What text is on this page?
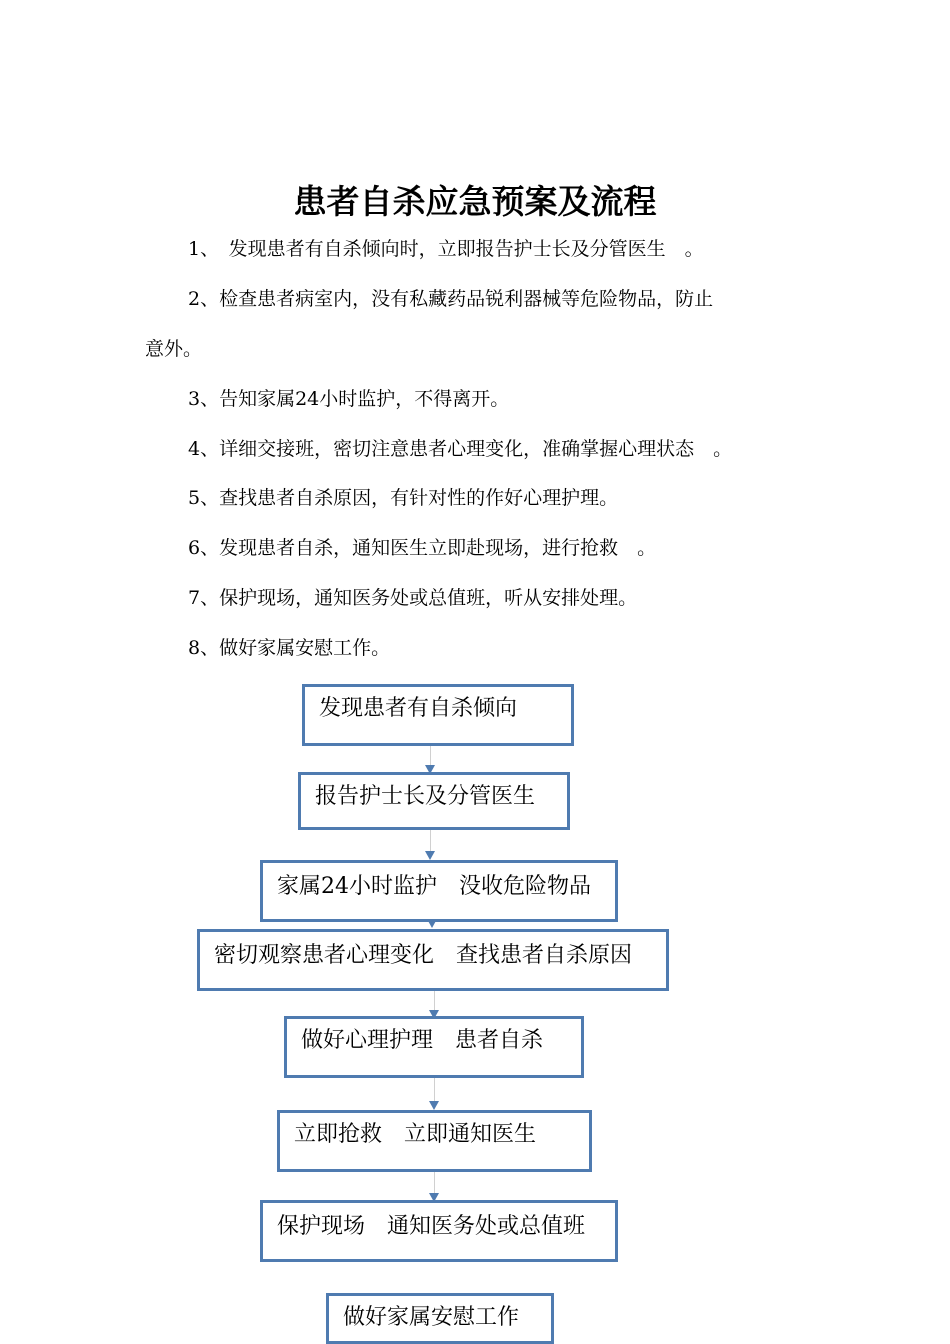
患者自杀应急预案及流程
1、　发现患者有自杀倾向时，立即报告护士长及分管医生　。
2、检查患者病室内，没有私藏药品锐利器械等危险物品，防止
意外。
3、告知家属24小时监护，不得离开。
4、详细交接班，密切注意患者心理变化，准确掌握心理状态　。
5、查找患者自杀原因，有针对性的作好心理护理。
6、发现患者自杀，通知医生立即赴现场，进行抢救　。
7、保护现场，通知医务处或总值班，听从安排处理。
8、做好家属安慰工作。
发现患者有自杀倾向
报告护士长及分管医生
家属24小时监护　没收危险物品
密切观察患者心理变化　查找患者自杀原因
做好心理护理　患者自杀
立即抢救　立即通知医生
保护现场　通知医务处或总值班
做好家属安慰工作
